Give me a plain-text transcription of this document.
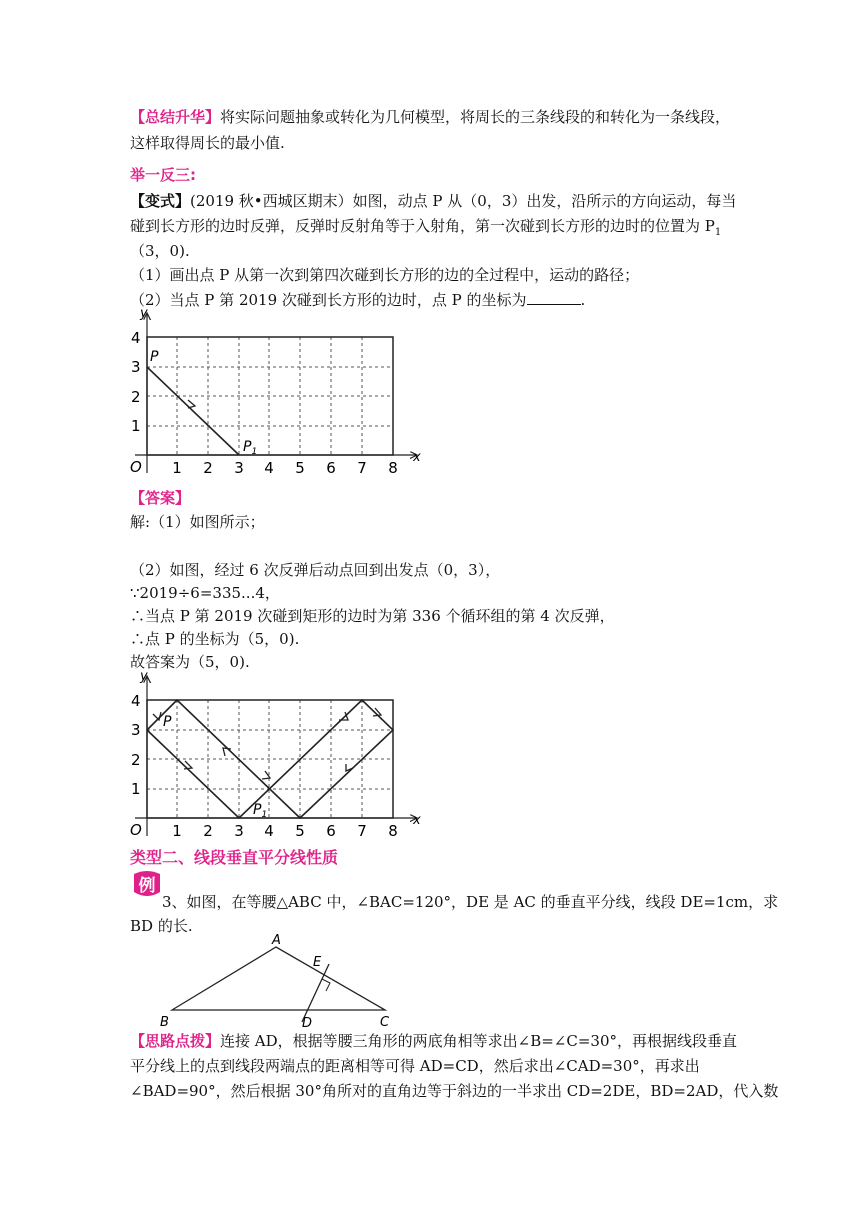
【总结升华】将实际问题抽象或转化为几何模型，将周长的三条线段的和转化为一条线段，
这样取得周长的最小值.
举一反三:
【变式】(2019 秋•西城区期末）如图，动点 P 从（0，3）出发，沿所示的方向运动，每当
碰到长方形的边时反弹，反弹时反射角等于入射角，第一次碰到长方形的边时的位置为 $P_1$
（3，0).
（1）画出点 P 从第一次到第四次碰到长方形的边的全过程中，运动的路径；
（2）当点 P 第 2019 次碰到长方形的边时，点 P 的坐标为	.
y
x
O 1 2 3 4 5 6 7 8
1
2
3
4
P
$P_1$
【答案】
解:（1）如图所示；
（2）如图，经过 6 次反弹后动点回到出发点（0，3），
∵2019÷6=335...4，
∴当点 P 第 2019 次碰到矩形的边时为第 336 个循环组的第 4 次反弹，
∴点 P 的坐标为（5，0).
故答案为（5，0).
y
x
O 1 2 3 4 5 6 7 8
1
2
3
4
P
$P_1$
类型二、线段垂直平分线性质
例
3、如图，在等腰△ABC 中，∠BAC=120°，DE 是 AC 的垂直平分线，线段 DE=1cm，求
BD 的长.
A
B	C
D
E
【思路点拨】连接 AD，根据等腰三角形的两底角相等求出∠B=∠C=30°，再根据线段垂直
平分线上的点到线段两端点的距离相等可得 AD=CD，然后求出∠CAD=30°，再求出
∠BAD=90°，然后根据 30°角所对的直角边等于斜边的一半求出 CD=2DE，BD=2AD，代入数
